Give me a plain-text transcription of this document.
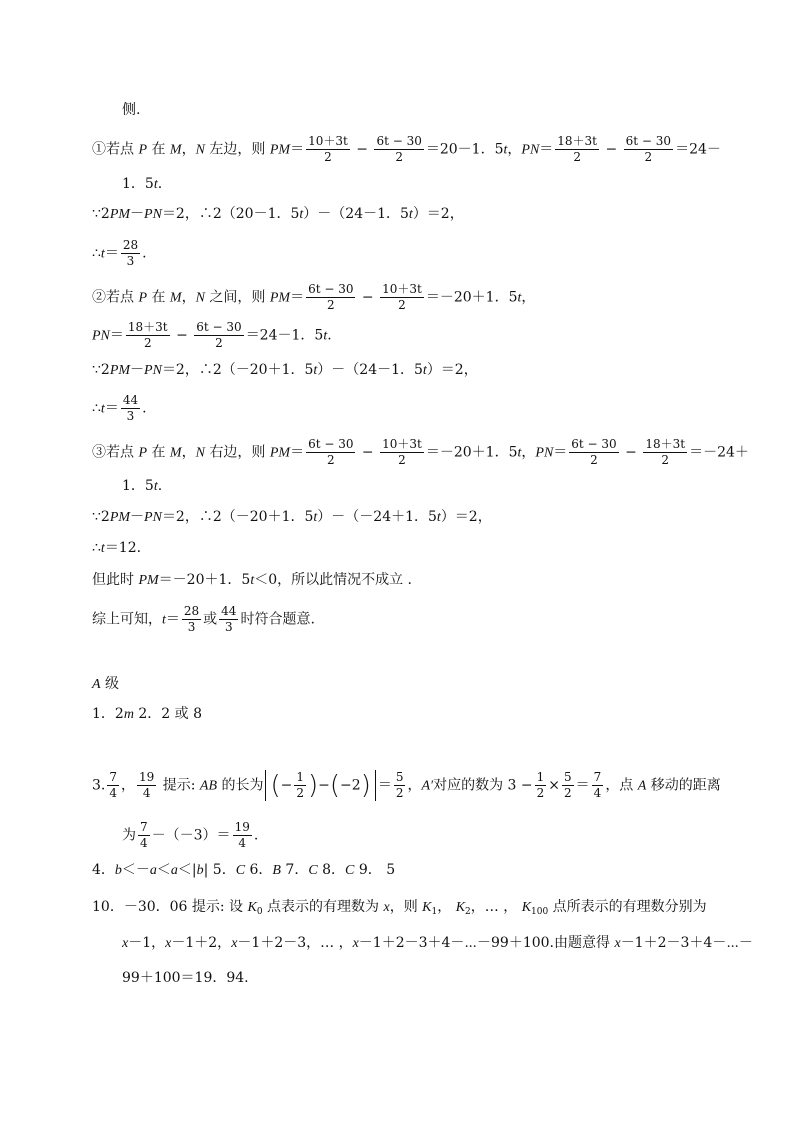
侧.
①若点 P 在 M，N 左边，则 $PM= \frac{10+3t}{2} - \frac{6t - 30}{2} =20-1$．5t，$PN= \frac{18+3t}{2} - \frac{6t - 30}{2} =24-$
1．5t.
∵2PM－PN＝2，∴2（20－1．5t）－（24－1．5t）＝2，
∴t＝ $\frac{28}{3}$ .
②若点 P 在 M，N 之间，则 $PM= \frac{6t - 30}{2} - \frac{10+3t}{2} =-20+1$．5t，
$PN= \frac{18+3t}{2} - \frac{6t - 30}{2} =24-1$．5t.
∵2PM－PN＝2，∴2（－20＋1．5t）－（24－1．5t）＝2，
∴t＝ $\frac{44}{3}$ .
③若点 P 在 M，N 右边，则 $PM= \frac{6t - 30}{2} - \frac{10+3t}{2} =-20+1$．5t，$PN= \frac{6t - 30}{2} - \frac{18+3t}{2} =-24+$
1．5t.
∵2PM－PN＝2，∴2（－20＋1．5t）－（－24＋1．5t）＝2，
∴t＝12.
但此时 PM＝－20＋1．5t＜0，所以此情况不成立 .
综上可知，$t= \frac{28}{3}$ 或 $\frac{44}{3}$ 时符合题意.
A 级
1．2m 2．2 或 8
3. $\frac{7}{4}$ ， $\frac{19}{4}$ 提示: AB 的长为 (− $\frac{1}{2} )-(-2) = \frac{5}{2}$ ，A′对应的数为 $3 - \frac{1}{2} \times \frac{5}{2} = \frac{7}{4}$ ，点 A 移动的距离
为 $\frac{7}{4} -(-3)= \frac{19}{4}$ .
4．b＜－a＜a＜|b| 5．C 6．B 7．C 8．C 9． 5
10．－30．06 提示: 设 $K_0$ 点表示的有理数为 x，则 $K_1$， $K_2$，… ， $K_{100}$ 点所表示的有理数分别为
x－1，x－1＋2，x－1＋2－3，… ，x－1＋2－3＋4－⋯－99＋100.由题意得 x－1＋2－3＋4－⋯－
99＋100＝19．94.
